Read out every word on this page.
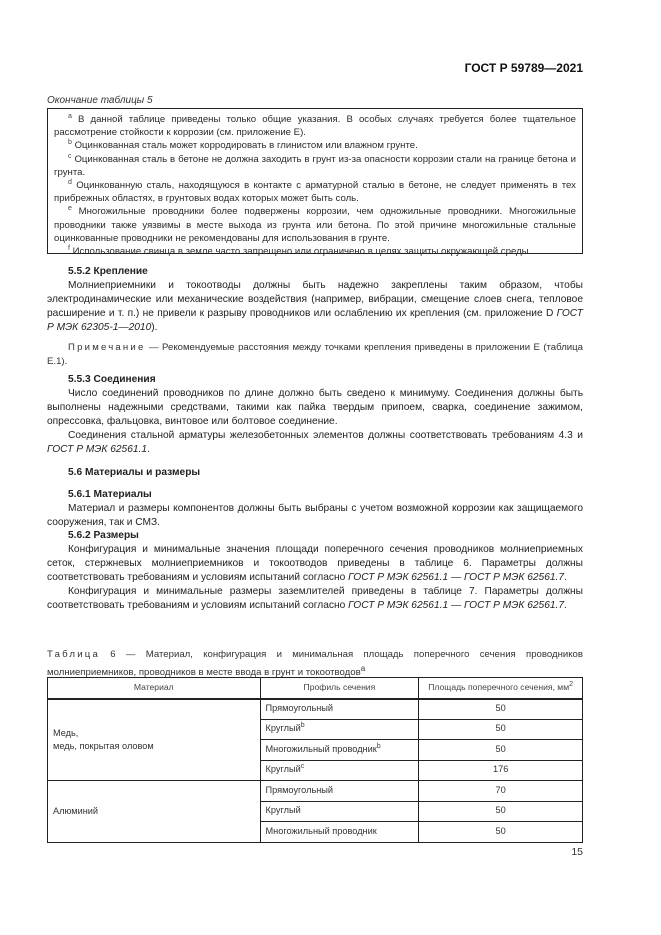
ГОСТ Р 59789—2021
Окончание таблицы 5

$^a$ В данной таблице приведены только общие указания. В особых случаях требуется более тщательное рассмотрение стойкости к коррозии (см. приложение Е).

$^b$ Оцинкованная сталь может корродировать в глинистом или влажном грунте.

$^c$ Оцинкованная сталь в бетоне не должна заходить в грунт из-за опасности коррозии стали на границе бетона и грунта.

$^d$ Оцинкованную сталь, находящуюся в контакте с арматурной сталью в бетоне, не следует применять в тех прибрежных областях, в грунтовых водах которых может быть соль.

$^e$ Многожильные проводники более подвержены коррозии, чем одножильные проводники. Многожильные проводники также уязвимы в месте выхода из грунта или бетона. По этой причине многожильные стальные оцинкованные проводники не рекомендованы для использования в грунте.

$^f$ Использование свинца в земле часто запрещено или ограничено в целях защиты окружающей среды.

5.5.2 Крепление

Молниеприемники и токоотводы должны быть надежно закреплены таким образом, чтобы электродинамические или механические воздействия (например, вибрации, смещение слоев снега, тепловое расширение и т. п.) не привели к разрыву проводников или ослаблению их крепления (см. приложение D ГОСТ Р МЭК 62305-1—2010).

Примечание — Рекомендуемые расстояния между точками крепления приведены в приложении Е (таблица Е.1).

5.5.3 Соединения

Число соединений проводников по длине должно быть сведено к минимуму. Соединения должны быть выполнены надежными средствами, такими как пайка твердым припоем, сварка, соединение зажимом, опрессовка, фальцовка, винтовое или болтовое соединение.

Соединения стальной арматуры железобетонных элементов должны соответствовать требованиям 4.3 и ГОСТ Р МЭК 62561.1.

5.6 Материалы и размеры

5.6.1 Материалы

Материал и размеры компонентов должны быть выбраны с учетом возможной коррозии как защищаемого сооружения, так и СМЗ.

5.6.2 Размеры

Конфигурация и минимальные значения площади поперечного сечения проводников молниеприемных сеток, стержневых молниеприемников и токоотводов приведены в таблице 6. Параметры должны соответствовать требованиям и условиям испытаний согласно ГОСТ Р МЭК 62561.1 — ГОСТ Р МЭК 62561.7.

Конфигурация и минимальные размеры заземлителей приведены в таблице 7. Параметры должны соответствовать требованиям и условиям испытаний согласно ГОСТ Р МЭК 62561.1 — ГОСТ Р МЭК 62561.7.

Таблица 6 — Материал, конфигурация и минимальная площадь поперечного сечения проводников молниеприемников, проводников в месте ввода в грунт и токоотводов$^a$
Материал	Профиль сечения	Площадь поперечного сечения, $мм^2$

Медь,
медь, покрытая оловом	Прямоугольный	50
	Круглый$^b$	50
	Многожильный проводник$^b$	50
	Круглый$^c$	176

Алюминий	Прямоугольный	70
	Круглый	50
	Многожильный проводник	50
15
